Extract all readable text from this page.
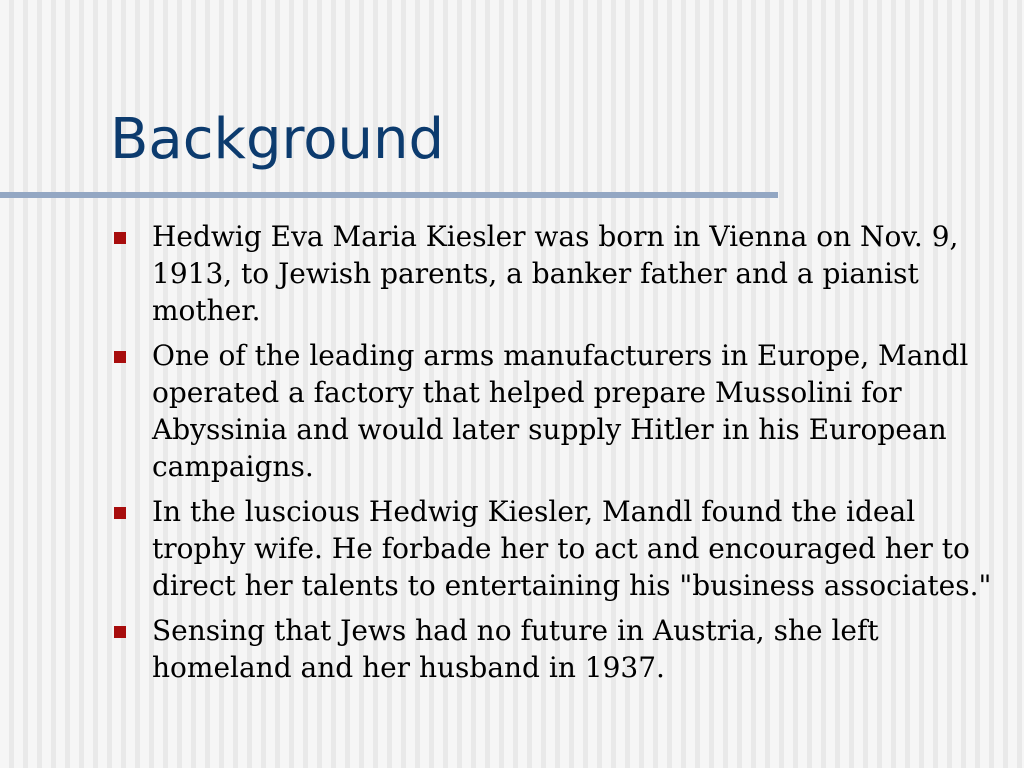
Background
Hedwig Eva Maria Kiesler was born in Vienna on Nov. 9, 1913, to Jewish parents, a banker father and a pianist mother.
One of the leading arms manufacturers in Europe, Mandl operated a factory that helped prepare Mussolini for Abyssinia and would later supply Hitler in his European campaigns.
In the luscious Hedwig Kiesler, Mandl found the ideal trophy wife. He forbade her to act and encouraged her to direct her talents to entertaining his "business associates."
Sensing that Jews had no future in Austria, she left homeland and her husband in 1937.
